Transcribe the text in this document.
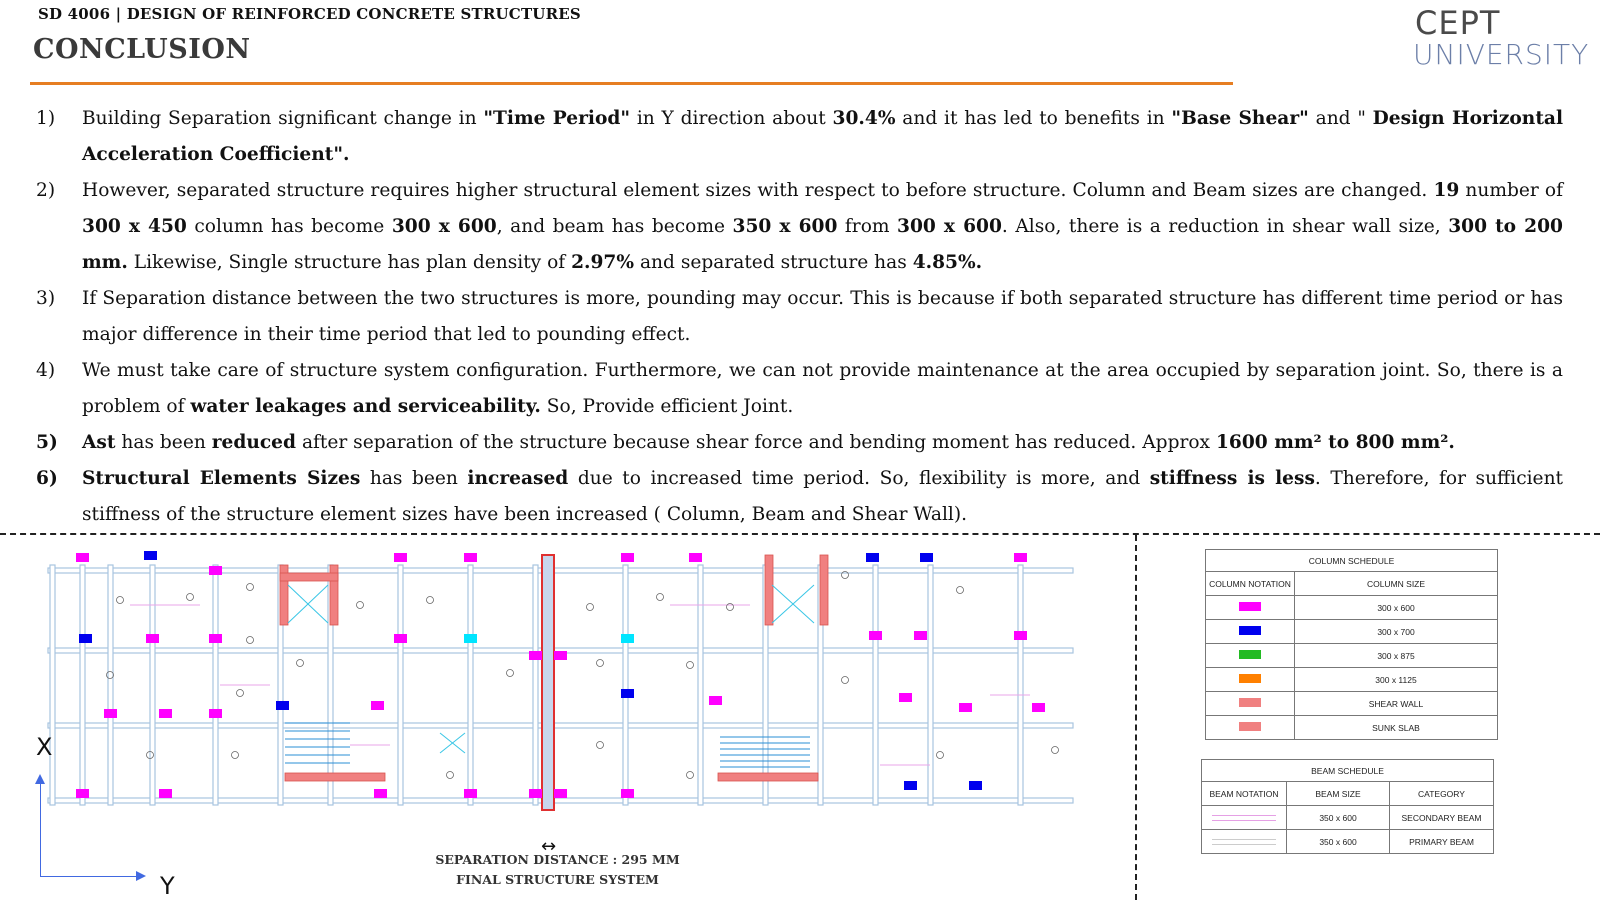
SD 4006 | DESIGN OF REINFORCED CONCRETE STRUCTURES
CONCLUSION
CEPT
UNIVERSITY
1)	Building Separation significant change in "Time Period" in Y direction about 30.4% and it has led to benefits in "Base Shear" and " Design Horizontal Acceleration Coefficient".
2)	However, separated structure requires higher structural element sizes with respect to before structure. Column and Beam sizes are changed. 19 number of 300 x 450 column has become 300 x 600, and beam has become 350 x 600 from 300 x 600. Also, there is a reduction in shear wall size, 300 to 200 mm. Likewise, Single structure has plan density of 2.97% and separated structure has 4.85%.
3)	If Separation distance between the two structures is more, pounding may occur. This is because if both separated structure has different time period or has major difference in their time period that led to pounding effect.
4)	We must take care of structure system configuration. Furthermore, we can not provide maintenance at the area occupied by separation joint. So, there is a problem of water leakages and serviceability. So, Provide efficient Joint.
5)	Ast has been reduced after separation of the structure because shear force and bending moment has reduced. Approx 1600 mm² to 800 mm².
6)	Structural Elements Sizes has been increased due to increased time period. So, flexibility is more, and stiffness is less. Therefore, for sufficient stiffness of the structure element sizes have been increased ( Column, Beam and Shear Wall).
X
Y
↔
SEPARATION DISTANCE : 295 MM
FINAL STRUCTURE SYSTEM
COLUMN SCHEDULE	
COLUMN NOTATION	COLUMN SIZE
	300 x 600
	300 x 700
	300 x 875
	300 x 1125
	SHEAR WALL
	SUNK SLAB
BEAM SCHEDULE		
BEAM NOTATION	BEAM SIZE	CATEGORY
	350 x 600	SECONDARY BEAM
	350 x 600	PRIMARY BEAM
